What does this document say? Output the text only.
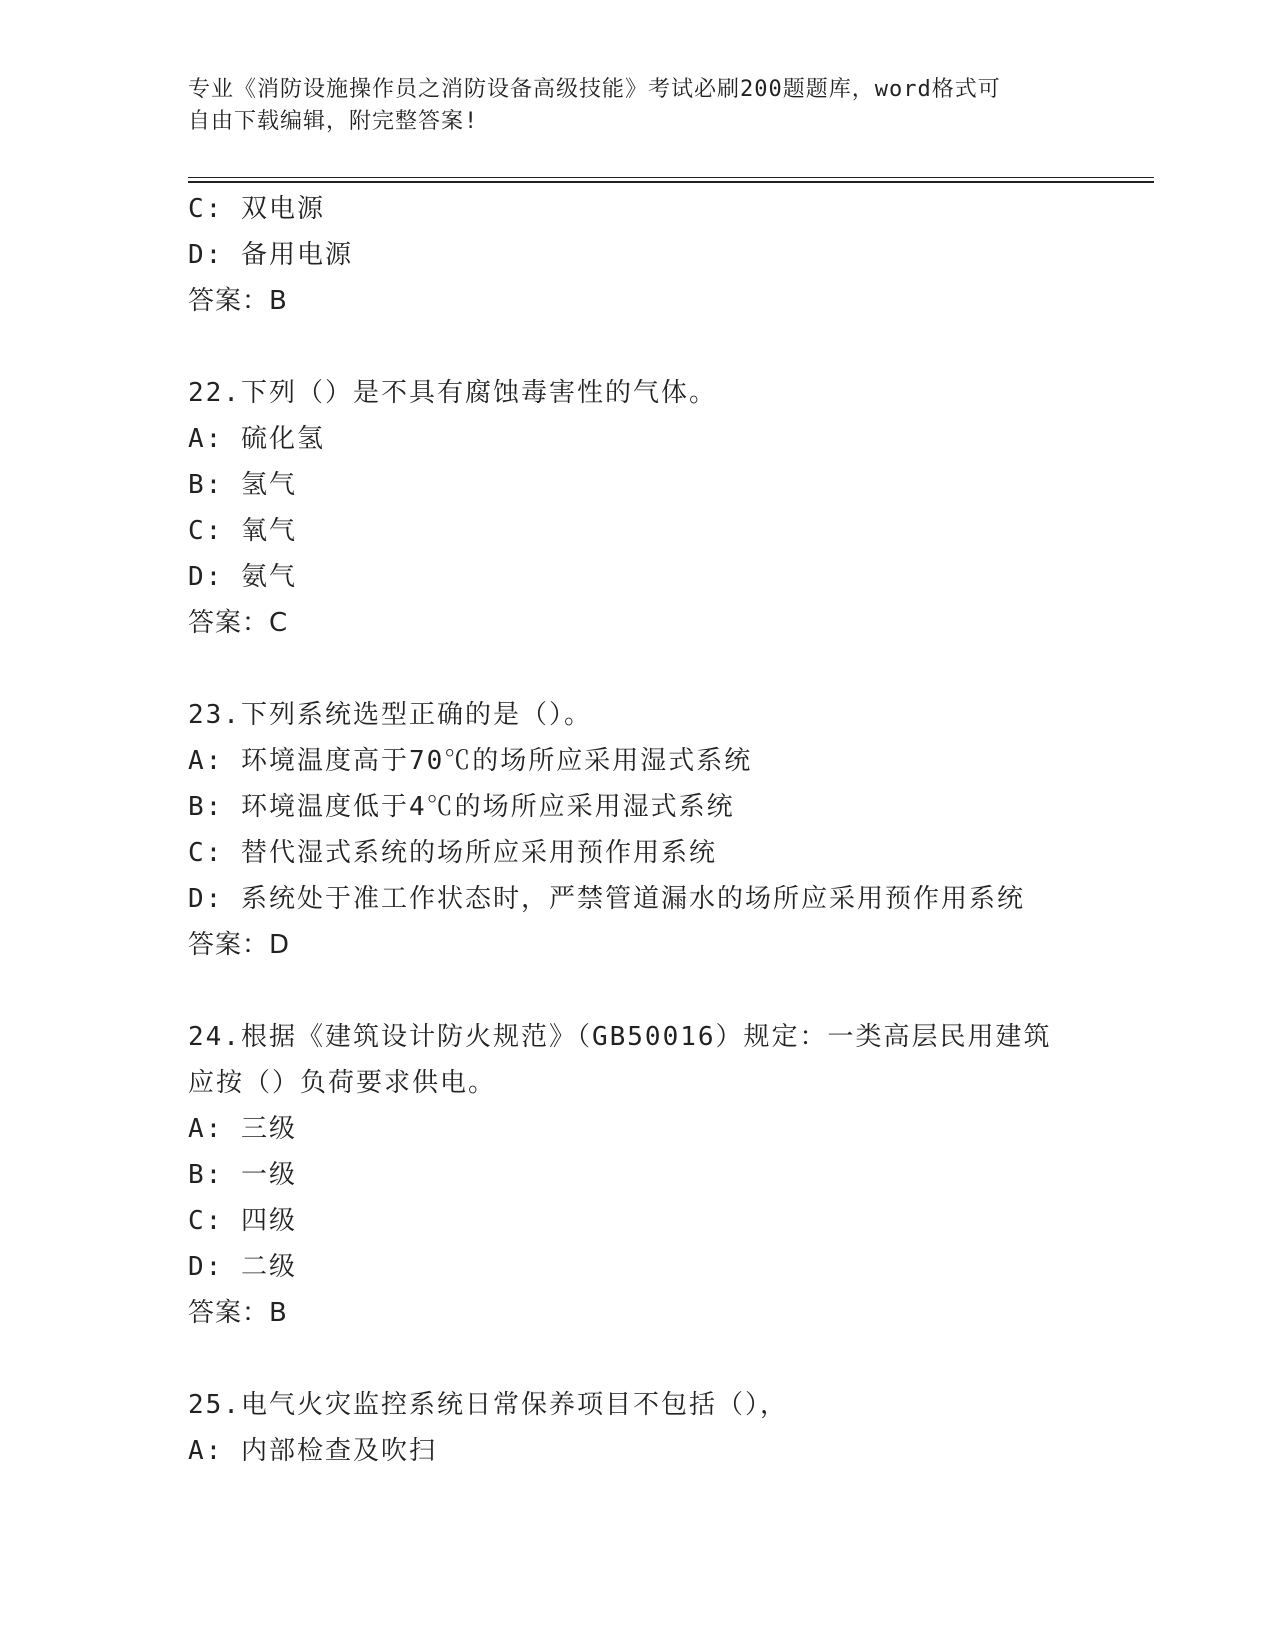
专业《消防设施操作员之消防设备高级技能》考试必刷200题题库，word格式可
自由下载编辑，附完整答案!
C: 双电源
D: 备用电源
答案：B
22.下列（）是不具有腐蚀毒害性的气体。
A: 硫化氢
B: 氢气
C: 氧气
D: 氨气
答案：C
23.下列系统选型正确的是（）。
A: 环境温度高于70℃的场所应采用湿式系统
B: 环境温度低于4℃的场所应采用湿式系统
C: 替代湿式系统的场所应采用预作用系统
D: 系统处于准工作状态时，严禁管道漏水的场所应采用预作用系统
答案：D
24.根据《建筑设计防火规范》（GB50016）规定：一类高层民用建筑
应按（）负荷要求供电。
A: 三级
B: 一级
C: 四级
D: 二级
答案：B
25.电气火灾监控系统日常保养项目不包括（），
A: 内部检查及吹扫
